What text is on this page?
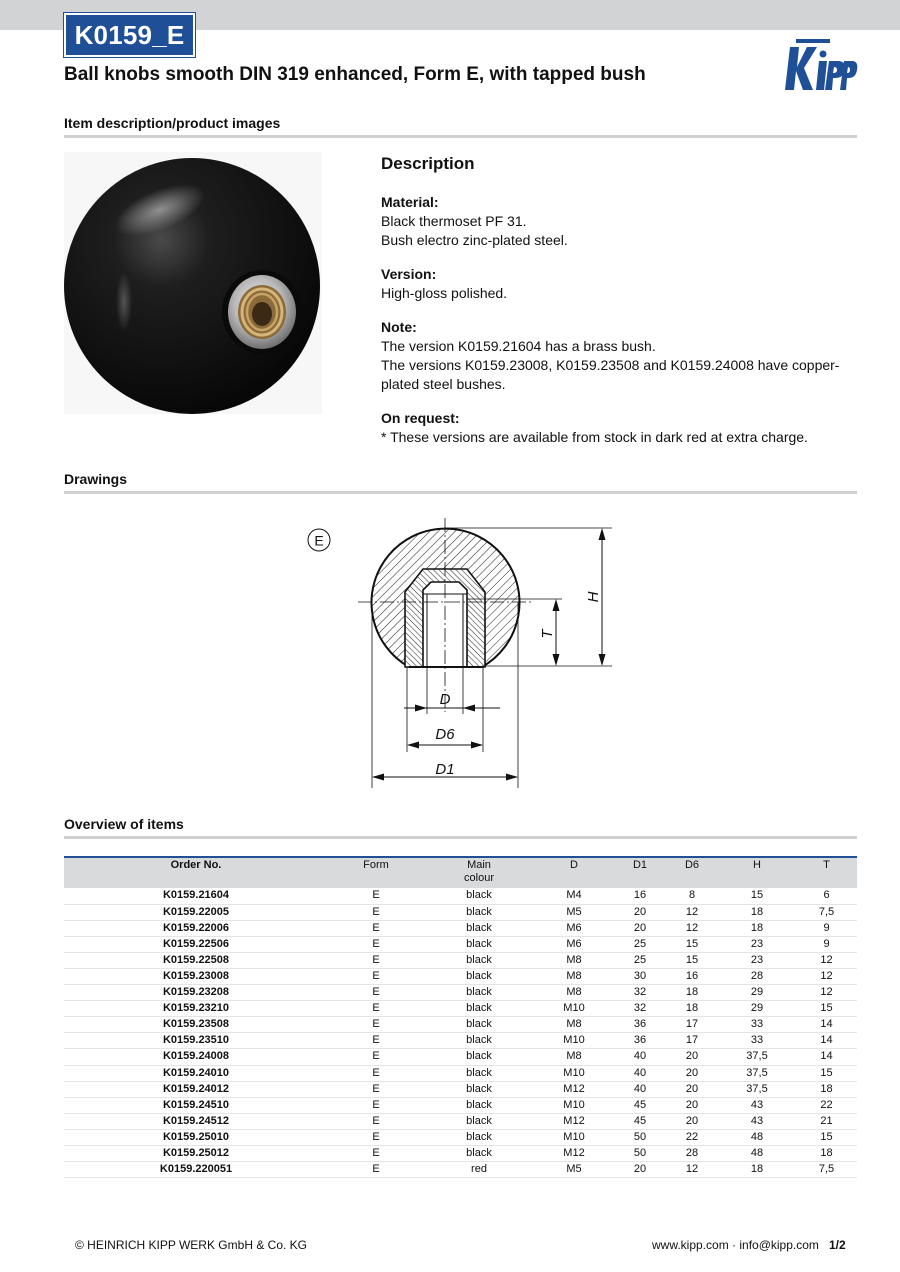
K0159_E
Ball knobs smooth DIN 319 enhanced, Form E, with tapped bush
Item description/product images
Description
Material:
Black thermoset PF 31.
Bush electro zinc-plated steel.
Version:
High-gloss polished.
Note:
The version K0159.21604 has a brass bush.
The versions K0159.23008, K0159.23508 and K0159.24008 have copper-plated steel bushes.
On request:
* These versions are available from stock in dark red at extra charge.
Drawings
E
H
T
D
D6
D1
Overview of items
Order No.	Form	Main colour	D	D1	D6	H	T
K0159.21604	E	black	M4	16	8	15	6
K0159.22005	E	black	M5	20	12	18	7,5
K0159.22006	E	black	M6	20	12	18	9
K0159.22506	E	black	M6	25	15	23	9
K0159.22508	E	black	M8	25	15	23	12
K0159.23008	E	black	M8	30	16	28	12
K0159.23208	E	black	M8	32	18	29	12
K0159.23210	E	black	M10	32	18	29	15
K0159.23508	E	black	M8	36	17	33	14
K0159.23510	E	black	M10	36	17	33	14
K0159.24008	E	black	M8	40	20	37,5	14
K0159.24010	E	black	M10	40	20	37,5	15
K0159.24012	E	black	M12	40	20	37,5	18
K0159.24510	E	black	M10	45	20	43	22
K0159.24512	E	black	M12	45	20	43	21
K0159.25010	E	black	M10	50	22	48	15
K0159.25012	E	black	M12	50	28	48	18
K0159.220051	E	red	M5	20	12	18	7,5
© HEINRICH KIPP WERK GmbH & Co. KG	www.kipp.com · info@kipp.com 1/2
